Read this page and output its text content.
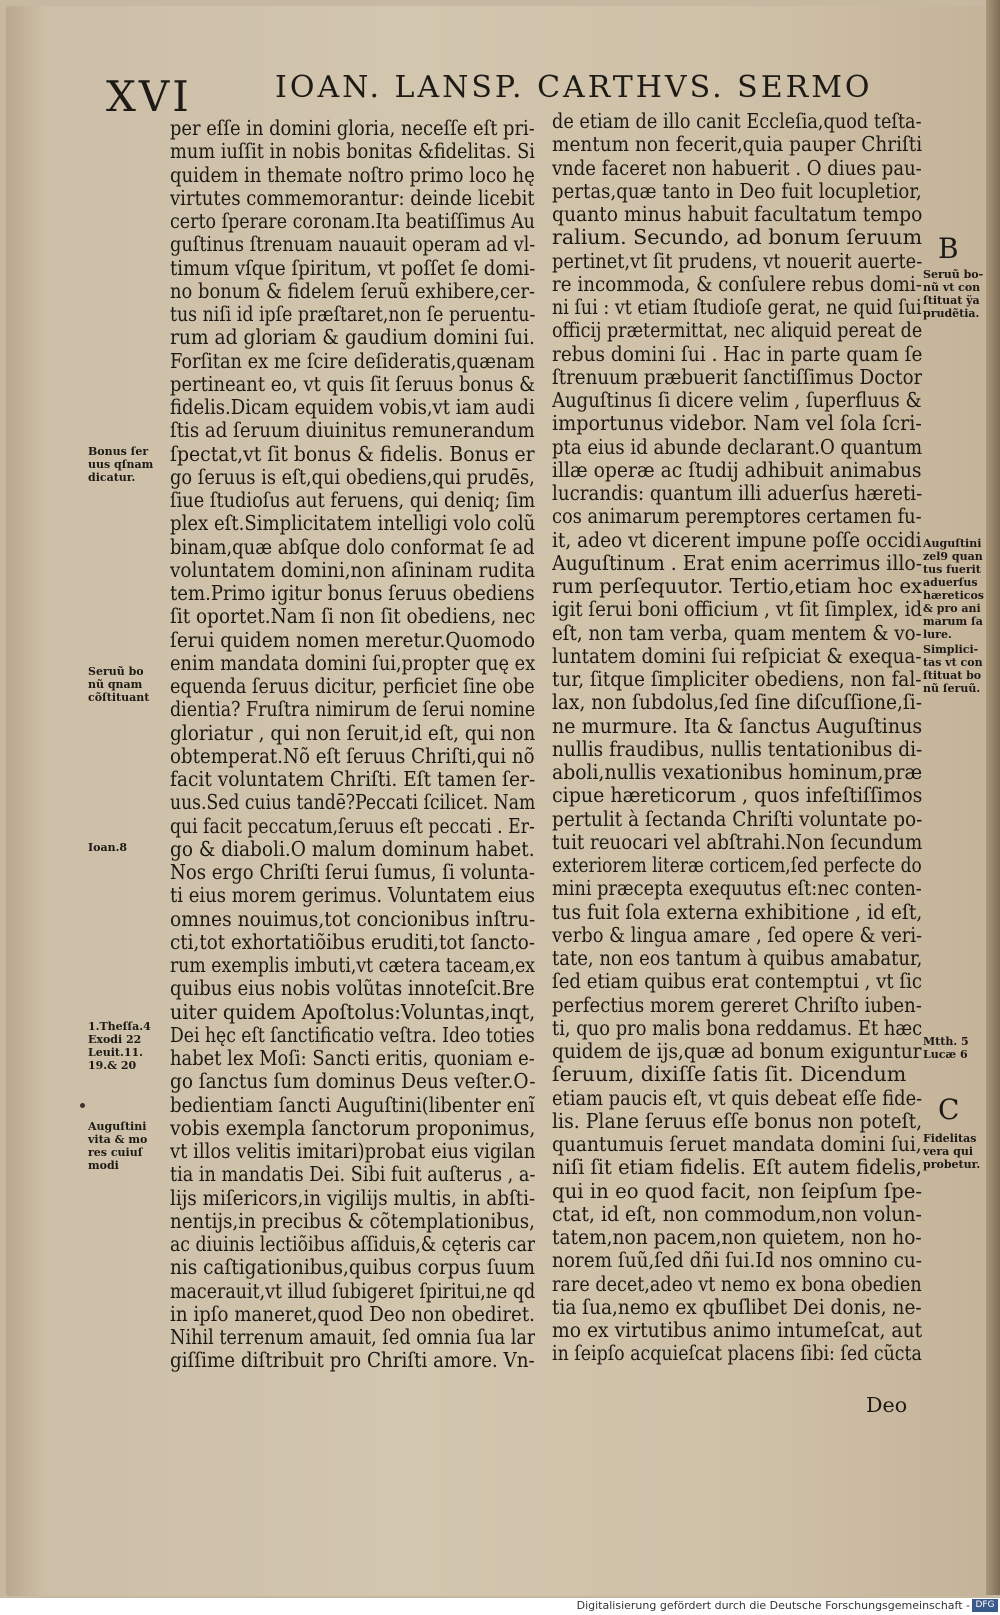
XVI	IOAN. LANSP. CARTHVS. SERMO
per eſſe in domini gloria, neceſſe eſt pri-
mum iuſſit in nobis bonitas &fidelitas. Si
quidem in themate noſtro primo loco hę
virtutes commemorantur: deinde licebit
certo ſperare coronam.Ita beatiſſimus Au
guſtinus ſtrenuam nauauit operam ad vl-
timum vſque ſpiritum, vt poſſet ſe domi-
no bonum & fidelem ſeruũ exhibere,cer-
tus niſi id ipſe præſtaret,non ſe peruentu-
rum ad gloriam & gaudium domini ſui.
Forſitan ex me ſcire deſideratis,quænam
pertineant eo, vt quis ſit ſeruus bonus &
fidelis.Dicam equidem vobis,vt iam audi
ſtis ad ſeruum diuinitus remunerandum
ſpectat,vt ſit bonus & fidelis. Bonus er
go ſeruus is eſt,qui obediens,qui prudēs,
ſiue ſtudioſus aut feruens, qui deniq; ſim
plex eſt.Simplicitatem intelligi volo colũ
binam,quæ abſque dolo conformat ſe ad
voluntatem domini,non aſininam rudita
tem.Primo igitur bonus ſeruus obediens
ſit oportet.Nam ſi non ſit obediens, nec
ſerui quidem nomen meretur.Quomodo
enim mandata domini ſui,propter quę ex
equenda ſeruus dicitur, perficiet ſine obe
dientia? Fruſtra nimirum de ſerui nomine
gloriatur , qui non ſeruit,id eſt, qui non
obtemperat.Nõ eſt ſeruus Chriſti,qui nõ
facit voluntatem Chriſti. Eſt tamen ſer-
uus.Sed cuius tandē?Peccati ſcilicet. Nam
qui facit peccatum,ſeruus eſt peccati . Er-
go & diaboli.O malum dominum habet.
Nos ergo Chriſti ſerui ſumus, ſi volunta-
ti eius morem gerimus. Voluntatem eius
omnes nouimus,tot concionibus inſtru-
cti,tot exhortatiõibus eruditi,tot ſancto-
rum exemplis imbuti,vt cætera taceam,ex
quibus eius nobis volũtas innoteſcit.Bre
uiter quidem Apoſtolus:Voluntas,inqt,
Dei hęc eſt ſanctificatio veſtra. Ideo toties
habet lex Moſi: Sancti eritis, quoniam e-
go ſanctus ſum dominus Deus veſter.O-
bedientiam ſancti Auguſtini(libenter enĩ
vobis exempla ſanctorum proponimus,
vt illos velitis imitari)probat eius vigilan
tia in mandatis Dei. Sibi fuit auſterus , a-
lijs miſericors,in vigilijs multis, in abſti-
nentijs,in precibus & cõtemplationibus,
ac diuinis lectiõibus aſſiduis,& cęteris car
nis caſtigationibus,quibus corpus ſuum
macerauit,vt illud ſubigeret ſpiritui,ne qd
in ipſo maneret,quod Deo non obediret.
Nihil terrenum amauit, ſed omnia ſua lar
giſſime diſtribuit pro Chriſti amore. Vn-
de etiam de illo canit Eccleſia,quod teſta-
mentum non fecerit,quia pauper Chriſti
vnde faceret non habuerit . O diues pau-
pertas,quæ tanto in Deo fuit locupletior,
quanto minus habuit facultatum tempo
ralium. Secundo, ad bonum ſeruum
pertinet,vt ſit prudens, vt nouerit auerte-
re incommoda, & conſulere rebus domi-
ni ſui : vt etiam ſtudioſe gerat, ne quid ſui
officij prætermittat, nec aliquid pereat de
rebus domini ſui . Hac in parte quam ſe
ſtrenuum præbuerit ſanctiſſimus Doctor
Auguſtinus ſi dicere velim , ſuperfluus &
importunus videbor. Nam vel ſola ſcri-
pta eius id abunde declarant.O quantum
illæ operæ ac ſtudij adhibuit animabus
lucrandis: quantum illi aduerſus hæreti-
cos animarum peremptores certamen fu-
it, adeo vt dicerent impune poſſe occidi
Auguſtinum . Erat enim acerrimus illo-
rum perſequutor. Tertio,etiam hoc ex
igit ſerui boni officium , vt ſit ſimplex, id
eſt, non tam verba, quam mentem & vo-
luntatem domini ſui reſpiciat & exequa-
tur, ſitque ſimpliciter obediens, non fal-
lax, non ſubdolus,ſed ſine diſcuſſione,ſi-
ne murmure. Ita & ſanctus Auguſtinus
nullis fraudibus, nullis tentationibus di-
aboli,nullis vexationibus hominum,præ
cipue hæreticorum , quos infeſtiſſimos
pertulit à ſectanda Chriſti voluntate po-
tuit reuocari vel abſtrahi.Non ſecundum
exteriorem literæ corticem,ſed perfecte do
mini præcepta exequutus eſt:nec conten-
tus fuit ſola externa exhibitione , id eſt,
verbo & lingua amare , ſed opere & veri-
tate, non eos tantum à quibus amabatur,
ſed etiam quibus erat contemptui , vt ſic
perfectius morem gereret Chriſto iuben-
ti, quo pro malis bona reddamus. Et hæc
quidem de ijs,quæ ad bonum exiguntur
ſeruum, dixiſſe ſatis ſit. Dicendum
etiam paucis eſt, vt quis debeat eſſe fide-
lis. Plane ſeruus eſſe bonus non poteſt,
quantumuis ſeruet mandata domini ſui,
niſi ſit etiam fidelis. Eſt autem fidelis,
qui in eo quod facit, non ſeipſum ſpe-
ctat, id eſt, non commodum,non volun-
tatem,non pacem,non quietem, non ho-
norem ſuũ,ſed dñi ſui.Id nos omnino cu-
rare decet,adeo vt nemo ex bona obedien
tia ſua,nemo ex qbuſlibet Dei donis, ne-
mo ex virtutibus animo intumeſcat, aut
in ſeipſo acquieſcat placens ſibi: ſed cũcta
Bonus ſer
uus qſnam
dicatur.
Seruũ bo
nũ qnam
cõſtituant
Ioan.8
1.Theſſa.4
Exodi 22
Leuit.11.
19.& 20
Auguſtini
vita & mo
res cuiuſ
modi
B
Seruũ bo-
nũ vt con
ſtituat ÿa
prudẽtia.
Auguſtini
zel9 quan
tus fuerit
aduerſus
hæreticos
& pro ani
marum ſa
lure.
Simplici-
tas vt con
ſtituat bo
nũ ſeruũ.
Mtth. 5
Lucæ 6
C
Fidelitas
vera qui
probetur.
Deo
Digitalisierung gefördert durch die Deutsche Forschungsgemeinschaft - DFG
